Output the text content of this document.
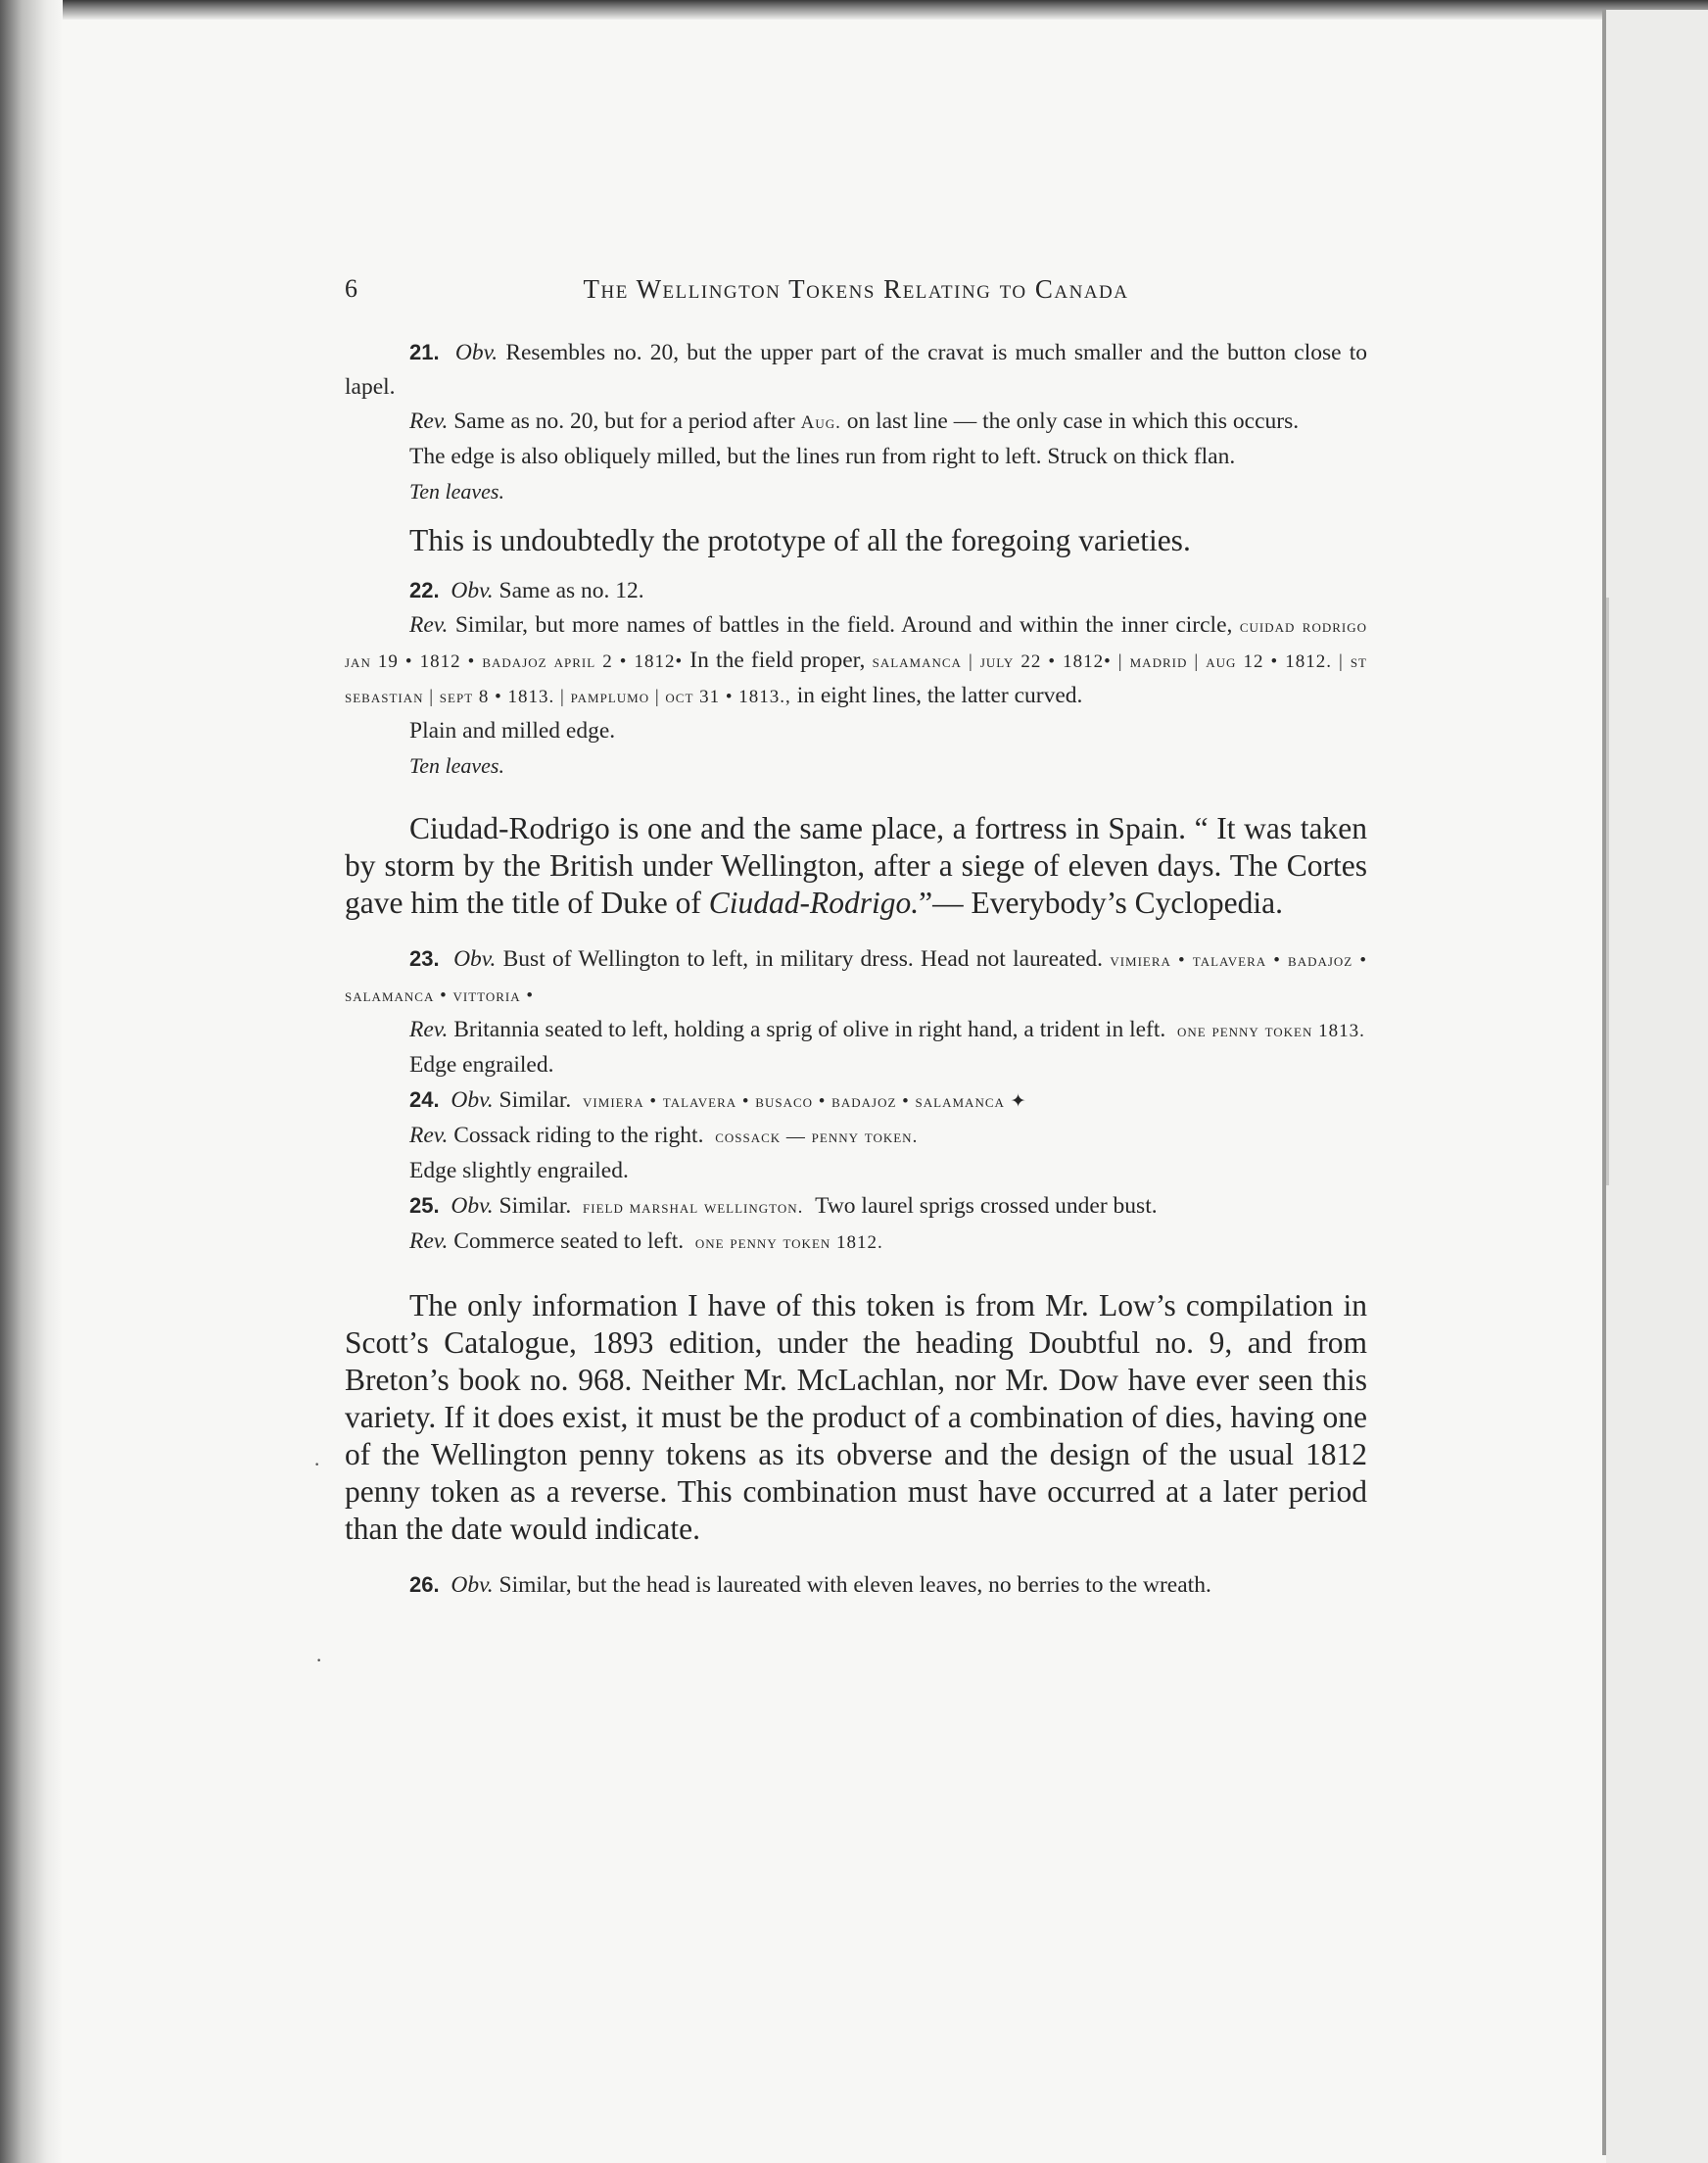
·
·
6	The Wellington Tokens Relating to Canada

21. Obv. Resembles no. 20, but the upper part of the cravat is much smaller and the button close to lapel.

Rev. Same as no. 20, but for a period after Aug. on last line — the only case in which this occurs.

The edge is also obliquely milled, but the lines run from right to left. Struck on thick flan.

Ten leaves.

This is undoubtedly the prototype of all the foregoing varieties.

22. Obv. Same as no. 12.

Rev. Similar, but more names of battles in the field. Around and within the inner circle, cuidad rodrigo jan 19 • 1812 • badajoz april 2 • 1812• In the field proper, salamanca | july 22 • 1812• | madrid | aug 12 • 1812. | st sebastian | sept 8 • 1813. | pamplumo | oct 31 • 1813., in eight lines, the latter curved.

Plain and milled edge.

Ten leaves.

Ciudad-Rodrigo is one and the same place, a fortress in Spain. “ It was taken by storm by the British under Wellington, after a siege of eleven days. The Cortes gave him the title of Duke of Ciudad-Rodrigo.”— Everybody’s Cyclopedia.

23. Obv. Bust of Wellington to left, in military dress. Head not laureated. vimiera • talavera • badajoz • salamanca • vittoria •

Rev. Britannia seated to left, holding a sprig of olive in right hand, a trident in left. one penny token 1813.

Edge engrailed.

24. Obv. Similar. vimiera • talavera • busaco • badajoz • salamanca ✦

Rev. Cossack riding to the right. cossack — penny token.

Edge slightly engrailed.

25. Obv. Similar. field marshal wellington. Two laurel sprigs crossed under bust.

Rev. Commerce seated to left. one penny token 1812.

The only information I have of this token is from Mr. Low’s compilation in Scott’s Catalogue, 1893 edition, under the heading Doubtful no. 9, and from Breton’s book no. 968. Neither Mr. McLachlan, nor Mr. Dow have ever seen this variety. If it does exist, it must be the product of a combination of dies, having one of the Wellington penny tokens as its obverse and the design of the usual 1812 penny token as a reverse. This combination must have occurred at a later period than the date would indicate.

26. Obv. Similar, but the head is laureated with eleven leaves, no berries to the wreath.
